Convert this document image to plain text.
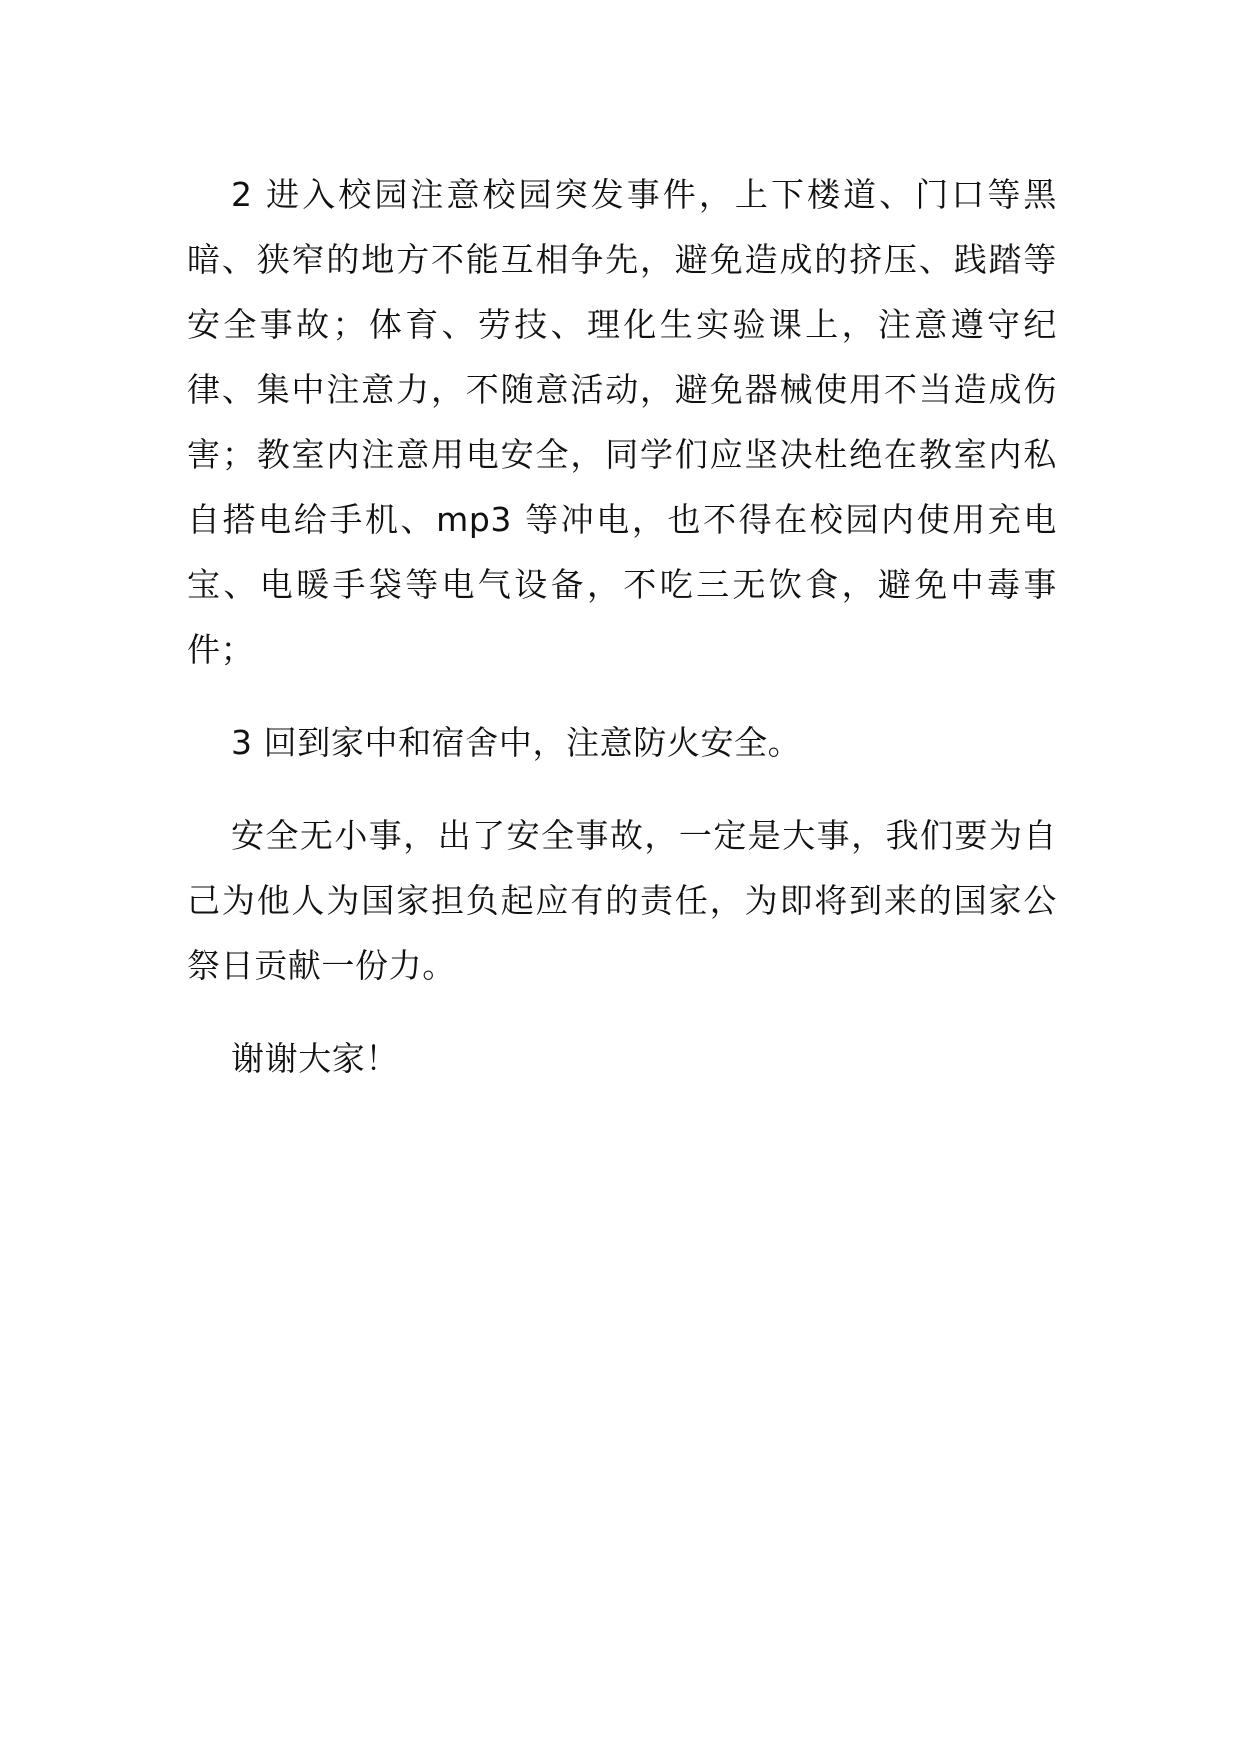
2 进入校园注意校园突发事件，上下楼道、门口等黑暗、狭窄的地方不能互相争先，避免造成的挤压、践踏等安全事故；体育、劳技、理化生实验课上，注意遵守纪律、集中注意力，不随意活动，避免器械使用不当造成伤害；教室内注意用电安全，同学们应坚决杜绝在教室内私自搭电给手机、mp3 等冲电，也不得在校园内使用充电宝、电暖手袋等电气设备，不吃三无饮食，避免中毒事件；

3 回到家中和宿舍中，注意防火安全。

安全无小事，出了安全事故，一定是大事，我们要为自己为他人为国家担负起应有的责任，为即将到来的国家公祭日贡献一份力。

谢谢大家！
